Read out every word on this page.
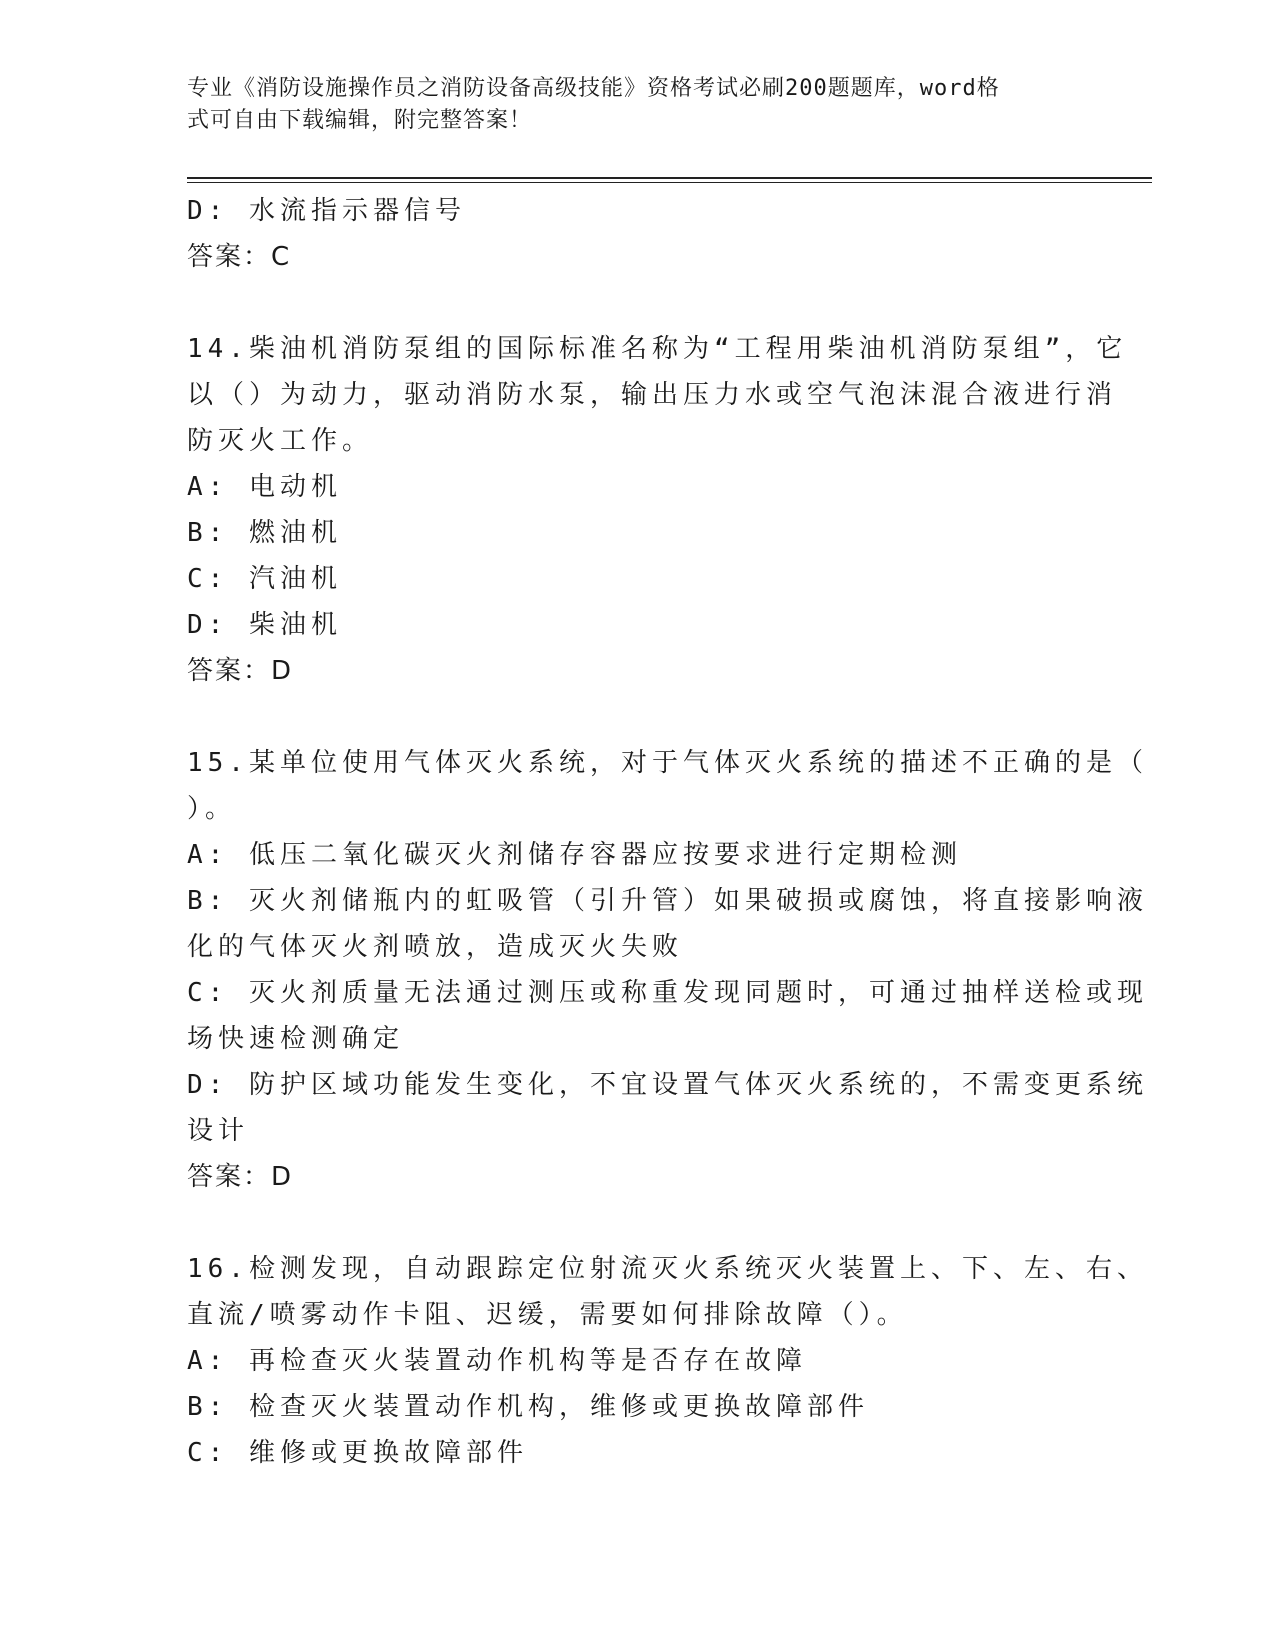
专业《消防设施操作员之消防设备高级技能》资格考试必刷200题题库，word格
式可自由下载编辑，附完整答案！

D: 水流指示器信号

答案：C

14.柴油机消防泵组的国际标准名称为“工程用柴油机消防泵组”，它

以（）为动力，驱动消防水泵，输出压力水或空气泡沫混合液进行消

防灭火工作。

A: 电动机

B: 燃油机

C: 汽油机

D: 柴油机

答案：D

15.某单位使用气体灭火系统，对于气体灭火系统的描述不正确的是（

）。

A: 低压二氧化碳灭火剂储存容器应按要求进行定期检测

B: 灭火剂储瓶内的虹吸管（引升管）如果破损或腐蚀，将直接影响液

化的气体灭火剂喷放，造成灭火失败

C: 灭火剂质量无法通过测压或称重发现同题时，可通过抽样送检或现

场快速检测确定

D: 防护区域功能发生变化，不宜设置气体灭火系统的，不需变更系统

设计

答案：D

16.检测发现，自动跟踪定位射流灭火系统灭火装置上、下、左、右、

直流/喷雾动作卡阻、迟缓，需要如何排除故障（）。

A: 再检查灭火装置动作机构等是否存在故障

B: 检查灭火装置动作机构，维修或更换故障部件

C: 维修或更换故障部件
